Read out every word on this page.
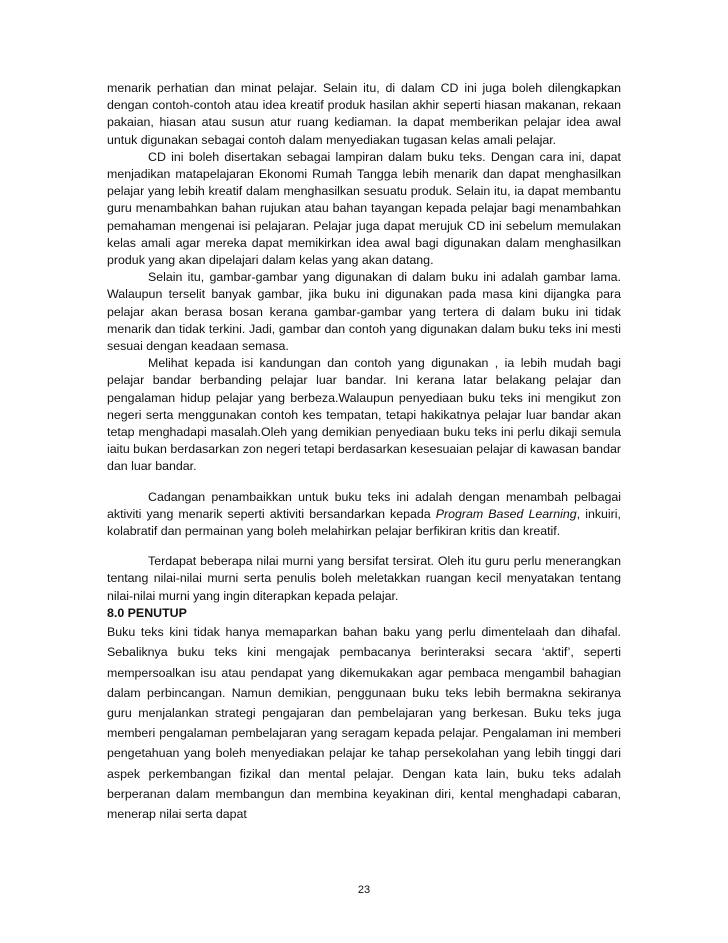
menarik perhatian dan minat pelajar. Selain itu, di dalam CD ini juga boleh dilengkapkan dengan contoh-contoh atau idea kreatif produk hasilan akhir seperti hiasan makanan, rekaan pakaian, hiasan atau susun atur ruang kediaman. Ia dapat memberikan pelajar idea awal untuk digunakan sebagai contoh dalam menyediakan tugasan kelas amali pelajar.

CD ini boleh disertakan sebagai lampiran dalam buku teks. Dengan cara ini, dapat menjadikan matapelajaran Ekonomi Rumah Tangga lebih menarik dan dapat menghasilkan pelajar yang lebih kreatif dalam menghasilkan sesuatu produk. Selain itu, ia dapat membantu guru menambahkan bahan rujukan atau bahan tayangan kepada pelajar bagi menambahkan pemahaman mengenai isi pelajaran. Pelajar juga dapat merujuk CD ini sebelum memulakan kelas amali agar mereka dapat memikirkan idea awal bagi digunakan dalam menghasilkan produk yang akan dipelajari dalam kelas yang akan datang.

Selain itu, gambar-gambar yang digunakan di dalam buku ini adalah gambar lama. Walaupun terselit banyak gambar, jika buku ini digunakan pada masa kini dijangka para pelajar akan berasa bosan kerana gambar-gambar yang tertera di dalam buku ini tidak menarik dan tidak terkini. Jadi, gambar dan contoh yang digunakan dalam buku teks ini mesti sesuai dengan keadaan semasa.

Melihat kepada isi kandungan dan contoh yang digunakan , ia lebih mudah bagi pelajar bandar berbanding pelajar luar bandar. Ini kerana latar belakang pelajar dan pengalaman hidup pelajar yang berbeza.Walaupun penyediaan buku teks ini mengikut zon negeri serta menggunakan contoh kes tempatan, tetapi hakikatnya pelajar luar bandar akan tetap menghadapi masalah.Oleh yang demikian penyediaan buku teks ini perlu dikaji semula iaitu bukan berdasarkan zon negeri tetapi berdasarkan kesesuaian pelajar di kawasan bandar dan luar bandar.

Cadangan penambaikkan untuk buku teks ini adalah dengan menambah pelbagai aktiviti yang menarik seperti aktiviti bersandarkan kepada Program Based Learning, inkuiri, kolabratif dan permainan yang boleh melahirkan pelajar berfikiran kritis dan kreatif.

Terdapat beberapa nilai murni yang bersifat tersirat. Oleh itu guru perlu menerangkan tentang nilai-nilai murni serta penulis boleh meletakkan ruangan kecil menyatakan tentang nilai-nilai murni yang ingin diterapkan kepada pelajar.

8.0 PENUTUP

Buku teks kini tidak hanya memaparkan bahan baku yang perlu dimentelaah dan dihafal. Sebaliknya buku teks kini mengajak pembacanya berinteraksi secara ‘aktif’, seperti mempersoalkan isu atau pendapat yang dikemukakan agar pembaca mengambil bahagian dalam perbincangan. Namun demikian, penggunaan buku teks lebih bermakna sekiranya guru menjalankan strategi pengajaran dan pembelajaran yang berkesan. Buku teks juga memberi pengalaman pembelajaran yang seragam kepada pelajar. Pengalaman ini memberi pengetahuan yang boleh menyediakan pelajar ke tahap persekolahan yang lebih tinggi dari aspek perkembangan fizikal dan mental pelajar. Dengan kata lain, buku teks adalah berperanan dalam membangun dan membina keyakinan diri, kental menghadapi cabaran, menerap nilai serta dapat

23
